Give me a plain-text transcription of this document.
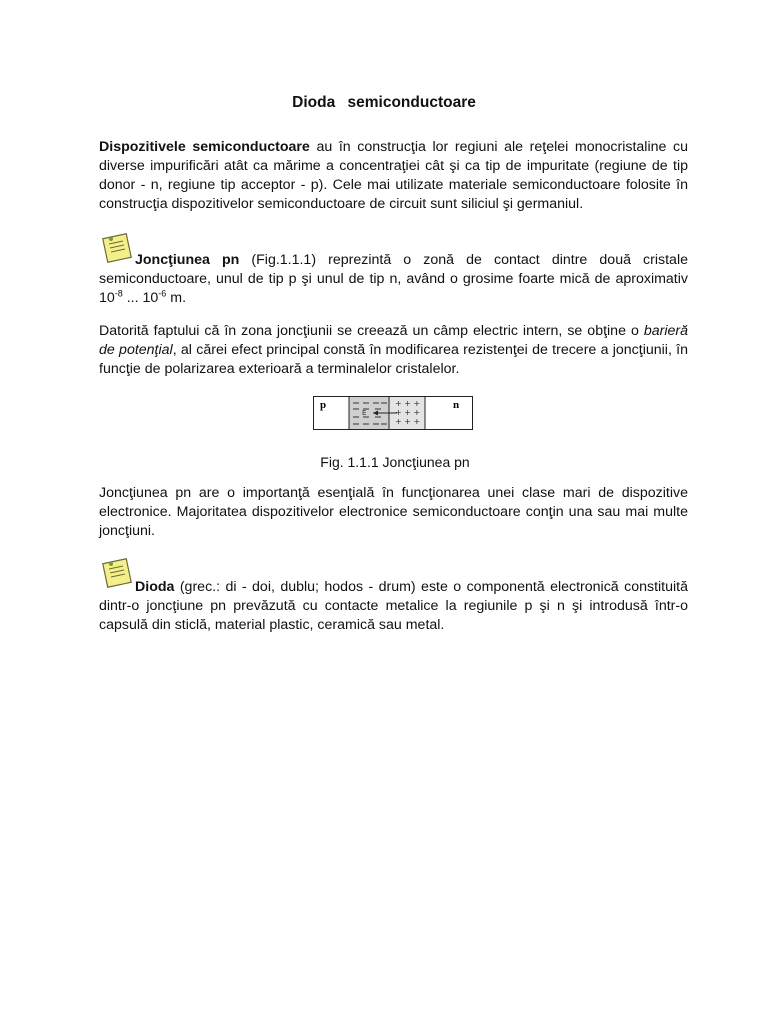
Dioda semiconductoare

Dispozitivele semiconductoare au în construcţia lor regiuni ale reţelei monocristaline cu diverse impurificări atât ca mărime a concentraţiei cât şi ca tip de impuritate (regiune de tip donor - n, regiune tip acceptor - p). Cele mai utilizate materiale semiconductoare folosite în construcţia dispozitivelor semiconductoare de circuit sunt siliciul şi germaniul.

Joncţiunea pn (Fig.1.1.1) reprezintă o zonă de contact dintre două cristale semiconductoare, unul de tip p şi unul de tip n, având o grosime foarte mică de aproximativ $10^{-8}$ ... $10^{-6}$ m.

Datorită faptului că în zona joncţiunii se creează un câmp electric intern, se obţine o barieră de potenţial, al cărei efect principal constă în modificarea rezistenţei de trecere a joncţiunii, în funcţie de polarizarea exterioară a terminalelor cristalelor.

+ + +
+ + +
+ + +
E
p	n
Fig. 1.1.1 Joncţiunea pn

Joncţiunea pn are o importanţă esenţială în funcţionarea unei clase mari de dispozitive electronice. Majoritatea dispozitivelor electronice semiconductoare conţin una sau mai multe joncţiuni.

Dioda (grec.: di - doi, dublu; hodos - drum) este o componentă electronică constituită dintr-o joncţiune pn prevăzută cu contacte metalice la regiunile p şi n şi introdusă într-o capsulă din sticlă, material plastic, ceramică sau metal.
